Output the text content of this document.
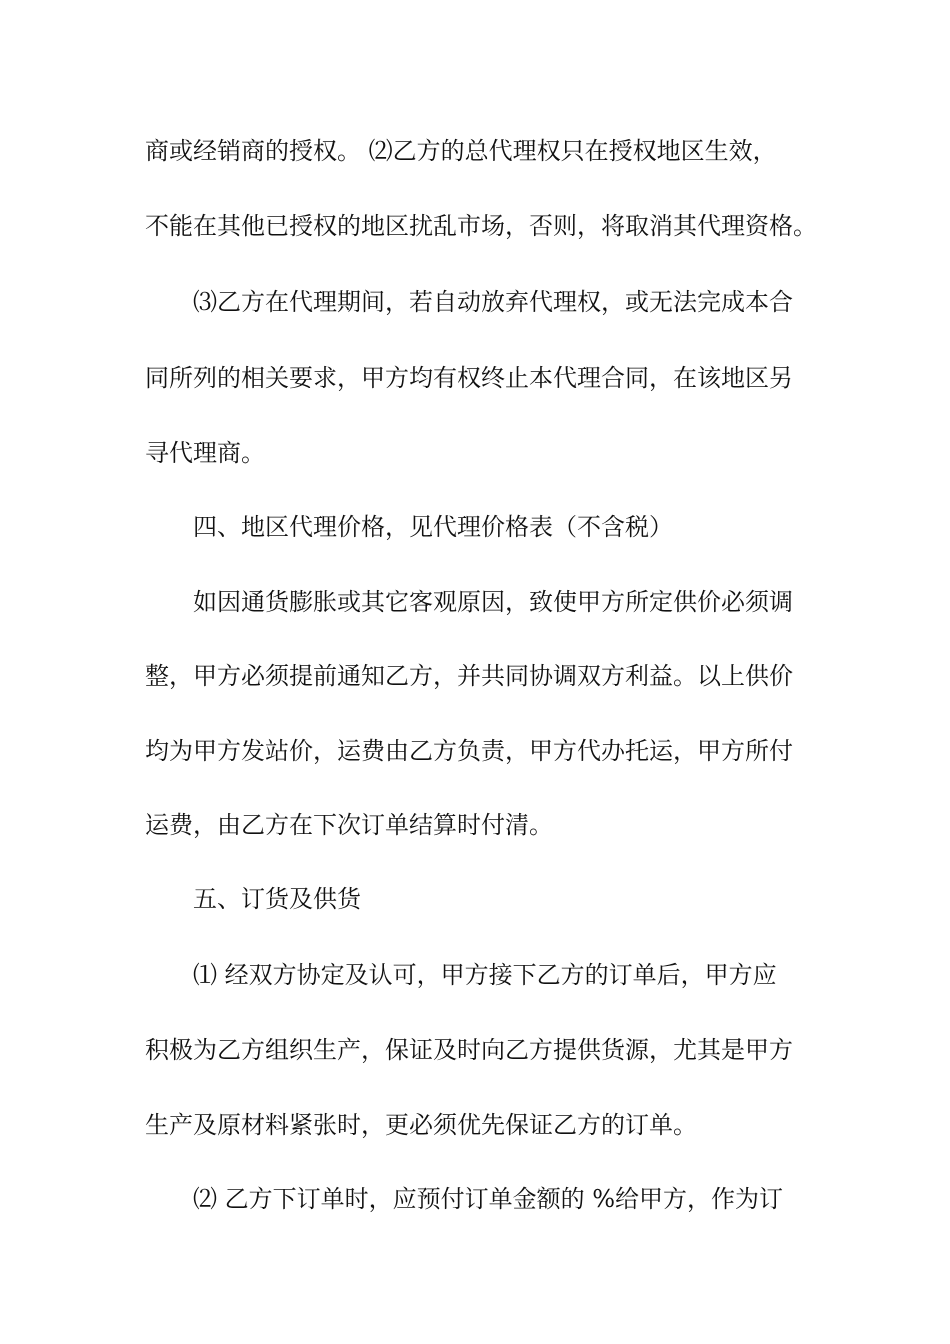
商或经销商的授权。 ⑵乙方的总代理权只在授权地区生效，
不能在其他已授权的地区扰乱市场，否则，将取消其代理资格。
⑶乙方在代理期间，若自动放弃代理权，或无法完成本合
同所列的相关要求，甲方均有权终止本代理合同，在该地区另
寻代理商。
四、地区代理价格，见代理价格表（不含税）
如因通货膨胀或其它客观原因，致使甲方所定供价必须调
整，甲方必须提前通知乙方，并共同协调双方利益。以上供价
均为甲方发站价，运费由乙方负责，甲方代办托运，甲方所付
运费，由乙方在下次订单结算时付清。
五、订货及供货
⑴ 经双方协定及认可，甲方接下乙方的订单后，甲方应
积极为乙方组织生产，保证及时向乙方提供货源，尤其是甲方
生产及原材料紧张时，更必须优先保证乙方的订单。
⑵ 乙方下订单时，应预付订单金额的 %给甲方，作为订
